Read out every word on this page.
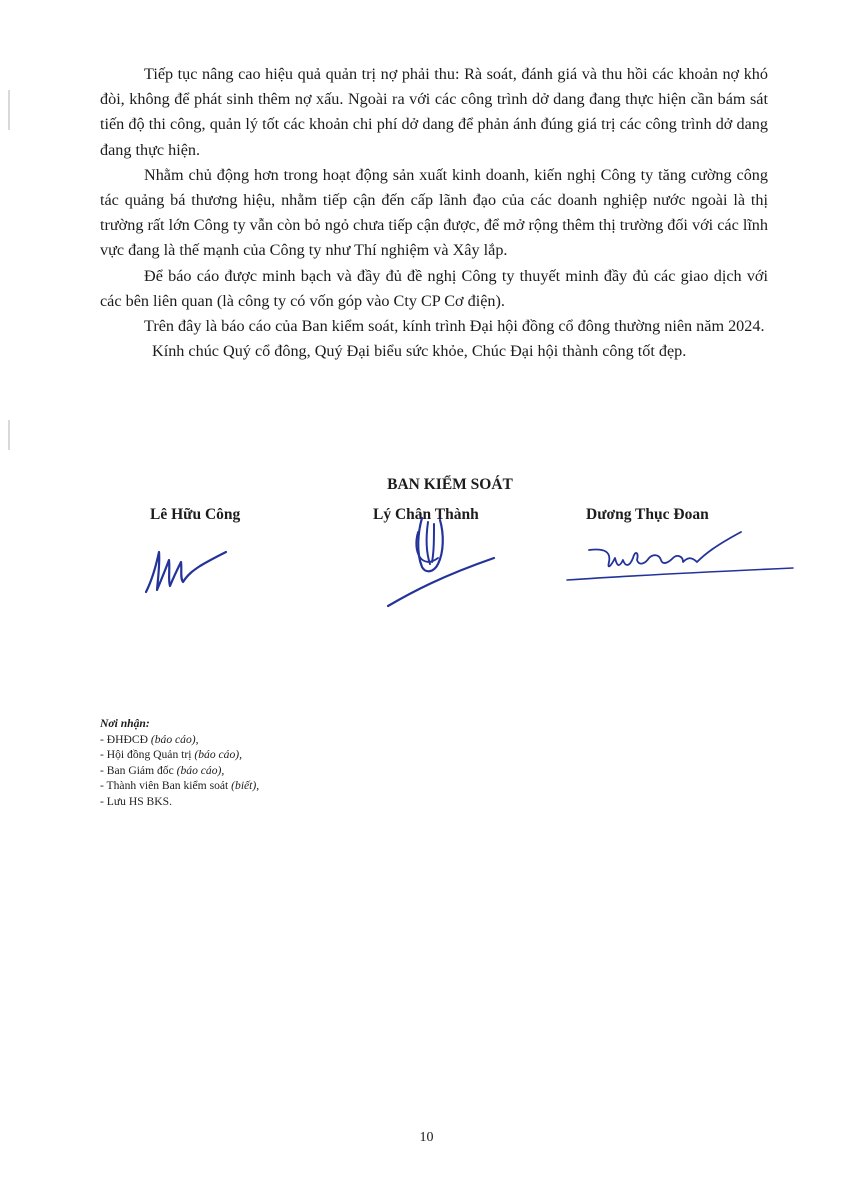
Tiếp tục nâng cao hiệu quả quản trị nợ phải thu: Rà soát, đánh giá và thu hồi các khoản nợ khó đòi, không để phát sinh thêm nợ xấu. Ngoài ra với các công trình dở dang đang thực hiện cần bám sát tiến độ thi công, quản lý tốt các khoản chi phí dở dang để phản ánh đúng giá trị các công trình dở dang đang thực hiện.

Nhằm chủ động hơn trong hoạt động sản xuất kinh doanh, kiến nghị Công ty tăng cường công tác quảng bá thương hiệu, nhằm tiếp cận đến cấp lãnh đạo của các doanh nghiệp nước ngoài là thị trường rất lớn Công ty vẫn còn bỏ ngỏ chưa tiếp cận được, để mở rộng thêm thị trường đối với các lĩnh vực đang là thế mạnh của Công ty như Thí nghiệm và Xây lắp.

Để báo cáo được minh bạch và đầy đủ đề nghị Công ty thuyết minh đầy đủ các giao dịch với các bên liên quan (là công ty có vốn góp vào Cty CP Cơ điện).

Trên đây là báo cáo của Ban kiểm soát, kính trình Đại hội đồng cổ đông thường niên năm 2024.

Kính chúc Quý cổ đông, Quý Đại biểu sức khỏe, Chúc Đại hội thành công tốt đẹp.

BAN KIỂM SOÁT
Lê Hữu Công	Lý Chân Thành	Dương Thục Đoan
Nơi nhận:
- ĐHĐCĐ (báo cáo),
- Hội đồng Quản trị (báo cáo),
- Ban Giám đốc (báo cáo),
- Thành viên Ban kiểm soát (biết),
- Lưu HS BKS.
10
